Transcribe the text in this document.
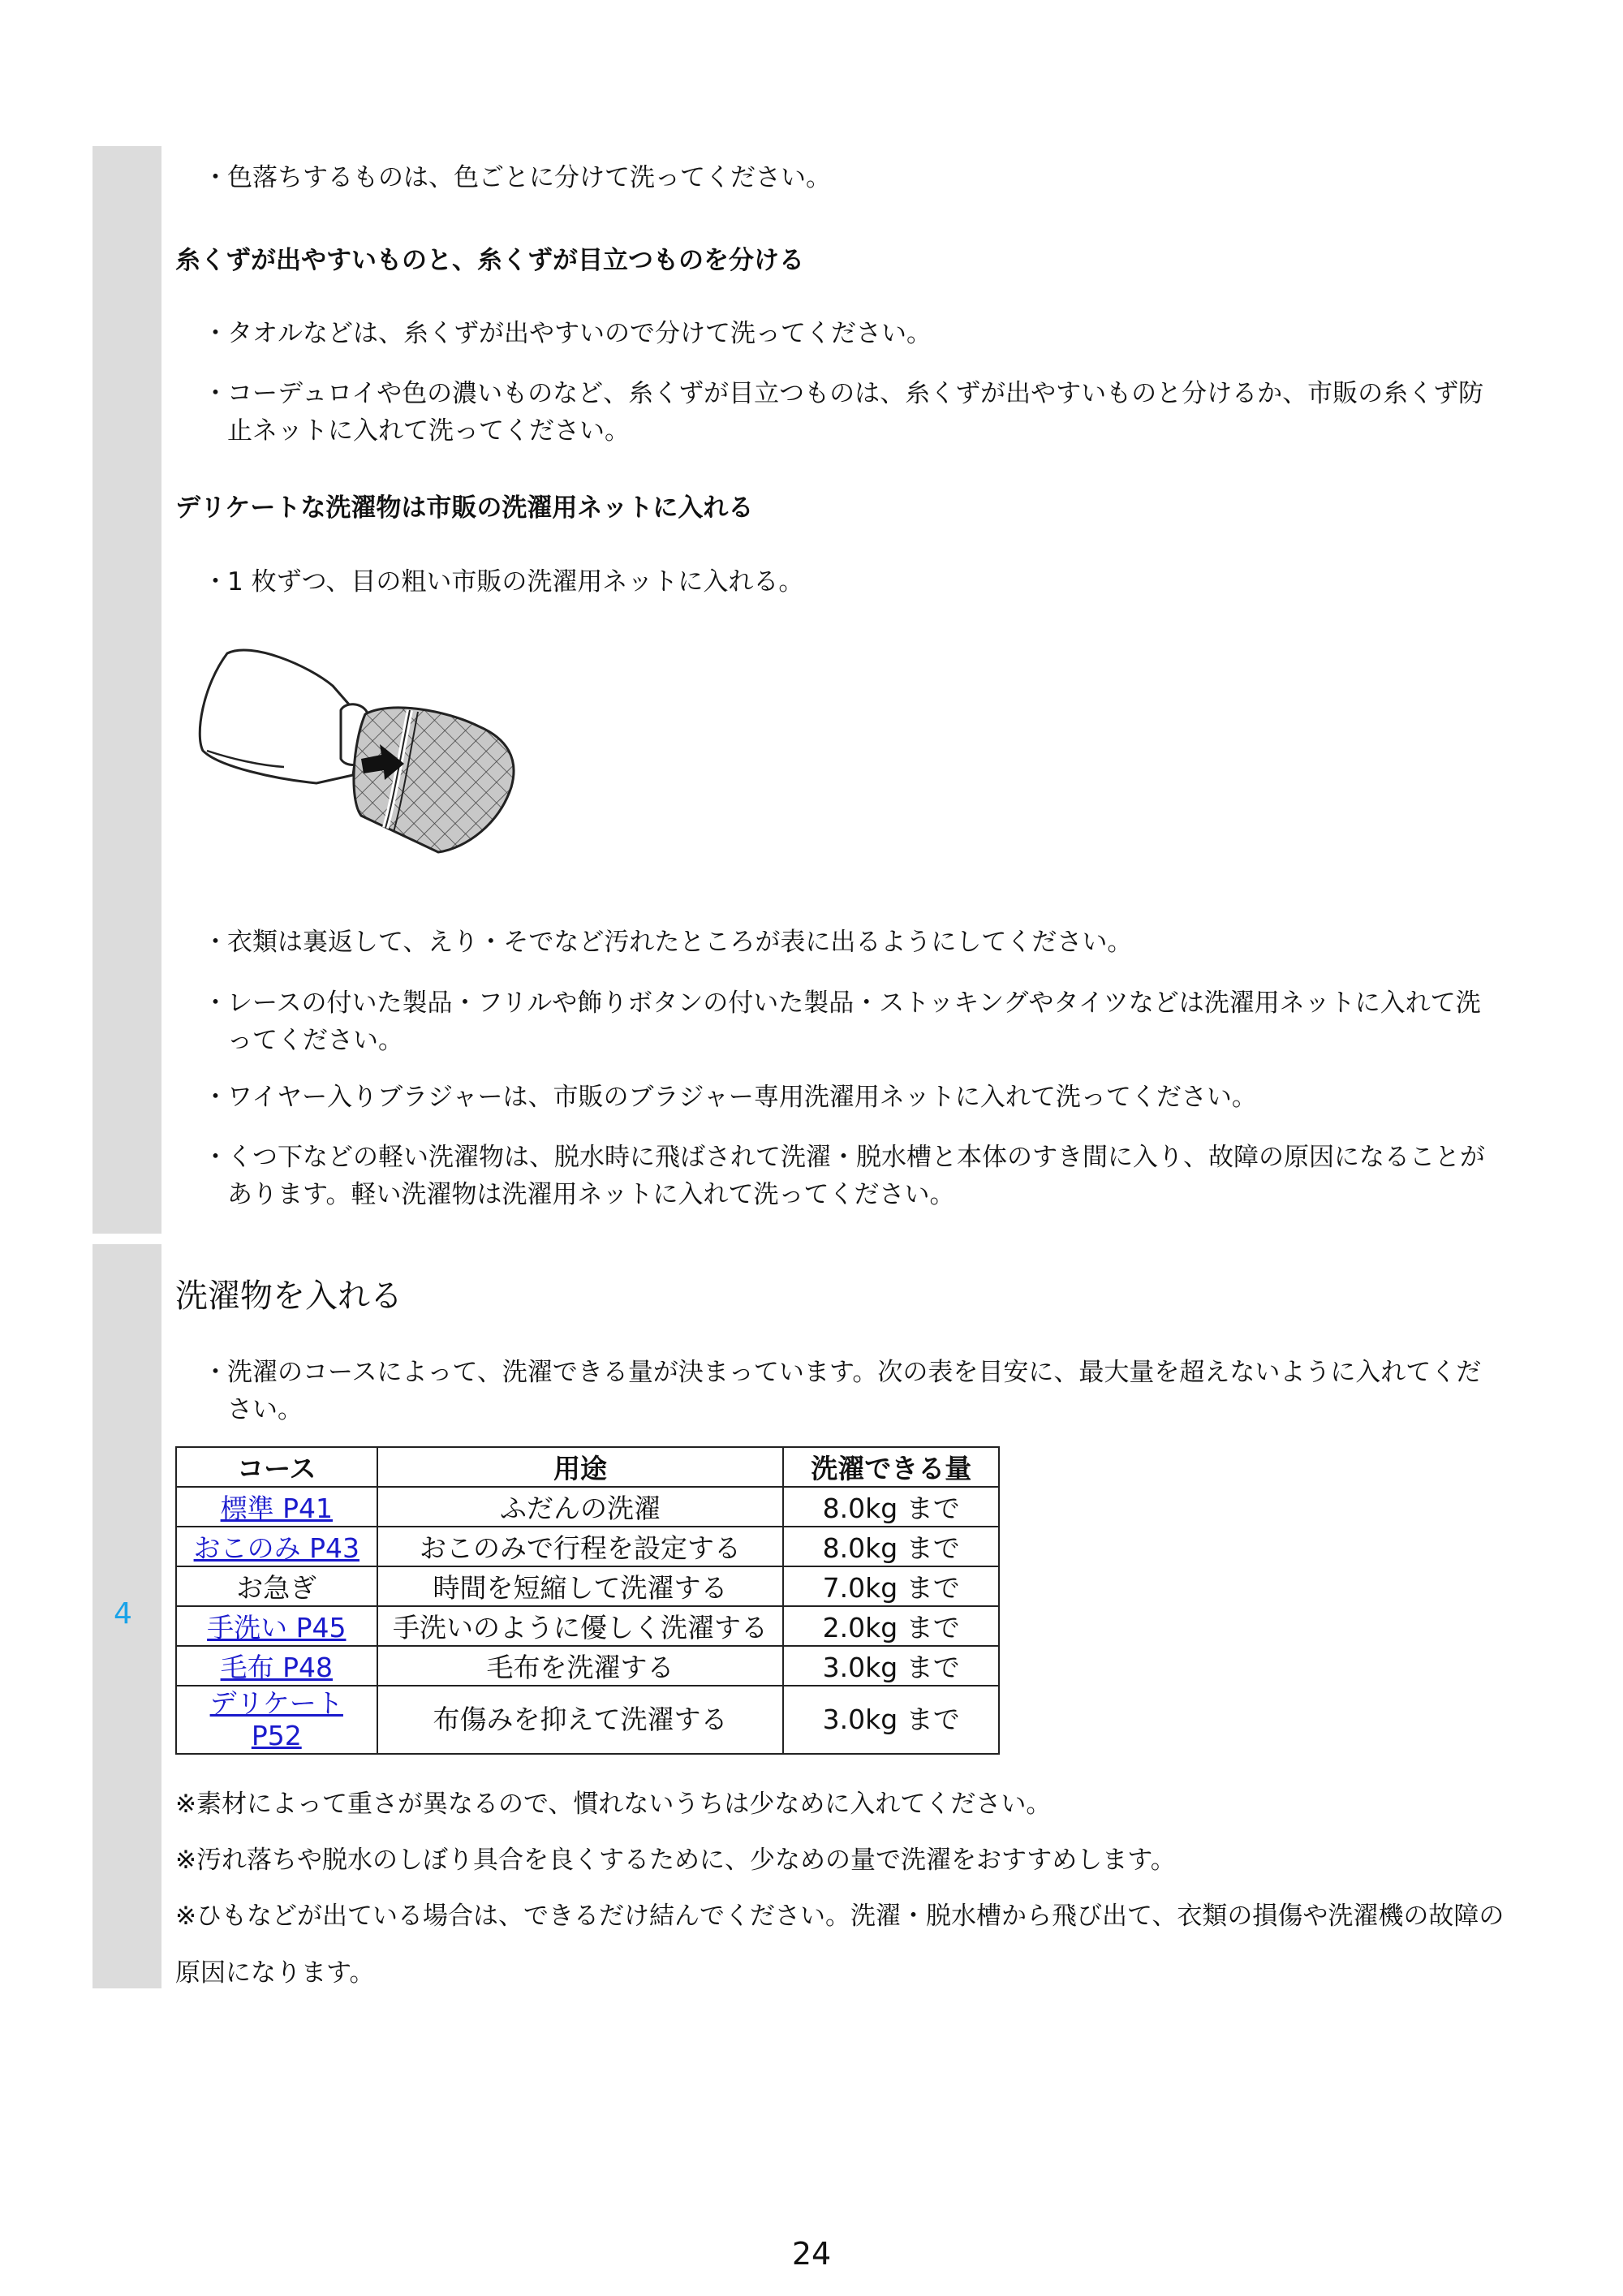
4
・ 色落ちするものは、色ごとに分けて洗ってください。
糸くずが出やすいものと、糸くずが目立つものを分ける
・ タオルなどは、糸くずが出やすいので分けて洗ってください。
・ コーデュロイや色の濃いものなど、糸くずが目立つものは、糸くずが出やすいものと分けるか、市販の糸くず防止ネットに入れて洗ってください。
デリケートな洗濯物は市販の洗濯用ネットに入れる
・ 1 枚ずつ、目の粗い市販の洗濯用ネットに入れる。
・ 衣類は裏返して、えり・そでなど汚れたところが表に出るようにしてください。
・ レースの付いた製品・フリルや飾りボタンの付いた製品・ストッキングやタイツなどは洗濯用ネットに入れて洗ってください。
・ ワイヤー入りブラジャーは、市販のブラジャー専用洗濯用ネットに入れて洗ってください。
・ くつ下などの軽い洗濯物は、脱水時に飛ばされて洗濯・脱水槽と本体のすき間に入り、故障の原因になることがあります。軽い洗濯物は洗濯用ネットに入れて洗ってください。
洗濯物を入れる
・ 洗濯のコースによって、洗濯できる量が決まっています。次の表を目安に、最大量を超えないように入れてください。
コース	用途	洗濯できる量
標準 P41	ふだんの洗濯	8.0kg まで
おこのみ P43	おこのみで行程を設定する	8.0kg まで
お急ぎ	時間を短縮して洗濯する	7.0kg まで
手洗い P45	手洗いのように優しく洗濯する	2.0kg まで
毛布 P48	毛布を洗濯する	3.0kg まで
デリケート
P52	布傷みを抑えて洗濯する	3.0kg まで
※素材によって重さが異なるので、慣れないうちは少なめに入れてください。
※汚れ落ちや脱水のしぼり具合を良くするために、少なめの量で洗濯をおすすめします。
※ひもなどが出ている場合は、できるだけ結んでください。洗濯・脱水槽から飛び出て、衣類の損傷や洗濯機の故障の原因になります。
24
